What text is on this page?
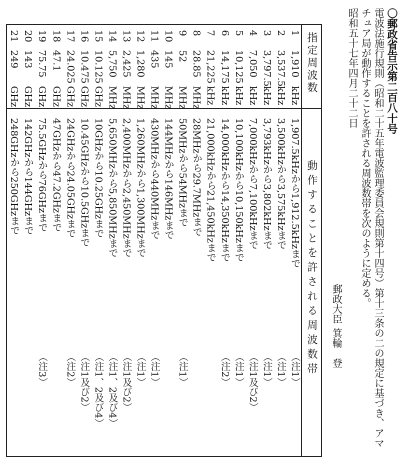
〇郵政省告示第二百八十号
電波法施行規則（昭和二十五年電波監理委員会規則第十四号）第十三条の二の規定に基づき、アマ
チュア局が動作することを許される周波数帯を次のように定める。
昭和五十七年四月二十二日
郵政大臣
箕輪　登
指定周波数
動作することを許される周波数帯
1
1,910
kHz
1,907.5kHzから1,912.5kHzまで
（注1）
2
3,537.5
kHz
3,500kHzから3,575kHzまで
（注1）
3
3,797.5
kHz
3,793kHzから3,802kHzまで
（注1）
4
7,050
kHz
7,000kHzから7,100kHzまで
（注1及び2）
5
10,125
kHz
10,100kHzから10,150kHzまで
（注1）
6
14,175
kHz
14,000kHzから14,350kHzまで
（注2）
7
21,225
kHz
21,000kHzから21,450kHzまで
8
28.85
MHz
28MHzから29.7MHzまで
9
52
MHz
50MHzから54MHzまで
（注1）
10
145
MHz
144MHzから146MHzまで
11
435
MHz
430MHzから440MHzまで
（注1）
12
1,280
MHz
1,260MHzから1,300MHzまで
（注1）
13
2,425
MHz
2,400MHzから2,450MHzまで
（注1及び2）
14
5,750
MHz
5,650MHzから5,850MHzまで
（注1、2及び4）
15
10.125
GHz
10GHzから10.25GHzまで
（注1、2及び4）
16
10.475
GHz
10.45GHzから10.5GHzまで
（注1及び2）
17
24.025
GHz
24GHzから24.05GHzまで
（注2）
18
47.1
GHz
47GHzから47.2GHzまで
19
75.75
GHz
75.5GHzから76GHzまで
（注3）
20
143
GHz
142GHzから144GHzまで
21
249
GHz
248GHzから250GHzまで
